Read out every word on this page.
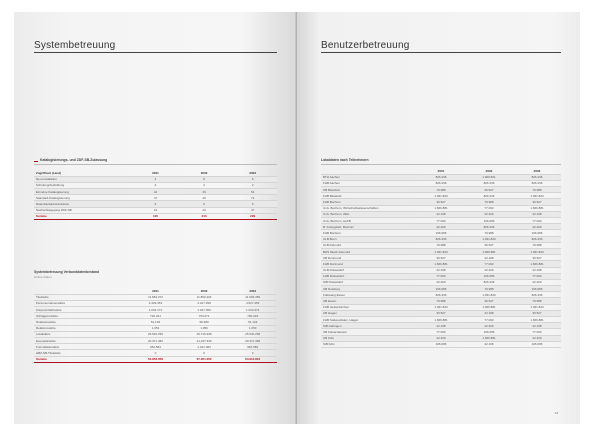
Systembetreuung
Katalogisierungs- und ZDF-SB-Zulassung
Zugriffsart (Land)	2001	2002	2003
Neu-Installation	4	8	6
Schulung/Ausbildung	3	2	2
Einzelne Katalogisierung	42	49	54
Standard-Katalogisierung	47	49	73
Datenbankadministration	5	5	5
Nachschlagegang ZDF-SB	19	40	47
Summe	120	213	229
Systembetreuung Verbunddatenbestand
Online-Daten
	2001	2002	2003
Titelsätze	11.864.372	11.869.404	11.936.359
Personennamensätze	4.329.453	4.427.398	4.527.453
Körperschaftssätze	1.034.174	1.047.056	1.034.974
Schlagwortsätze	726.221	753.671	790.224
Notationssätze	51.193	58.280	51.143
Relationssätze	1.053	1.050	1.053
Lokalsätze	25.540.256	26.710.948	25.540.256
Exemplarsätze	20.371.382	21.237.943	20.371.382
Fremddatensätze	981.583	1.012.383	981.583
HBZ-SB-Titelsätze	0	0	0
Summe	64.952.056	67.351.052	64.912.816
Benutzerbetreuung
Lokaldaten nach Teilnehmern
	2001	2002	2003
BTH Aachen	826.336	1.006.821	826.336
FHB Aachen	826.336	826.336	826.336
UB Bielefeld	79.988	36.527	79.988
FHB Bielefeld	1.931.820	826.336	1.931.820
FHB Bochum	36.527	79.988	36.527
Univ. Bochum, Wirtschaftswissenschaften	1.666.881	77.093	1.666.881
Univ. Bochum, ZEG	42.198	42.400	42.198
Univ. Bochum, HoFB	77.093	106.686	77.093
B. Kolingplatz, Bochum	42.400	826.336	42.400
FHB Bochum	106.686	79.988	106.686
ULB Bonn	826.336	1.931.820	826.336
ULB Detmold	79.988	36.527	79.988
BHS Musik Detmold	1.931.820	1.666.881	1.931.820
UB Dortmund	36.527	42.198	36.527
FHB Dortmund	1.666.881	77.093	1.666.881
ULB Düsseldorf	42.198	42.400	42.198
FHB Düsseldorf	77.093	106.686	77.093
StB Düsseldorf	42.400	826.336	42.400
UB Duisburg	106.686	79.988	106.686
Folkwang Essen	826.336	1.931.820	826.336
UB Essen	79.988	36.527	79.988
FHB Gelsenkirchen	1.931.820	1.666.881	1.931.820
UB Hagen	36.527	42.198	36.527
FHB Südwestfalen, Hagen	1.666.881	77.093	1.666.881
StB Hattingen	42.198	42.400	42.198
UB Kaiserslautern	77.093	106.686	77.093
UB Köln	42.400	1.666.881	42.400
StB Köln	106.686	42.198	106.686
13
